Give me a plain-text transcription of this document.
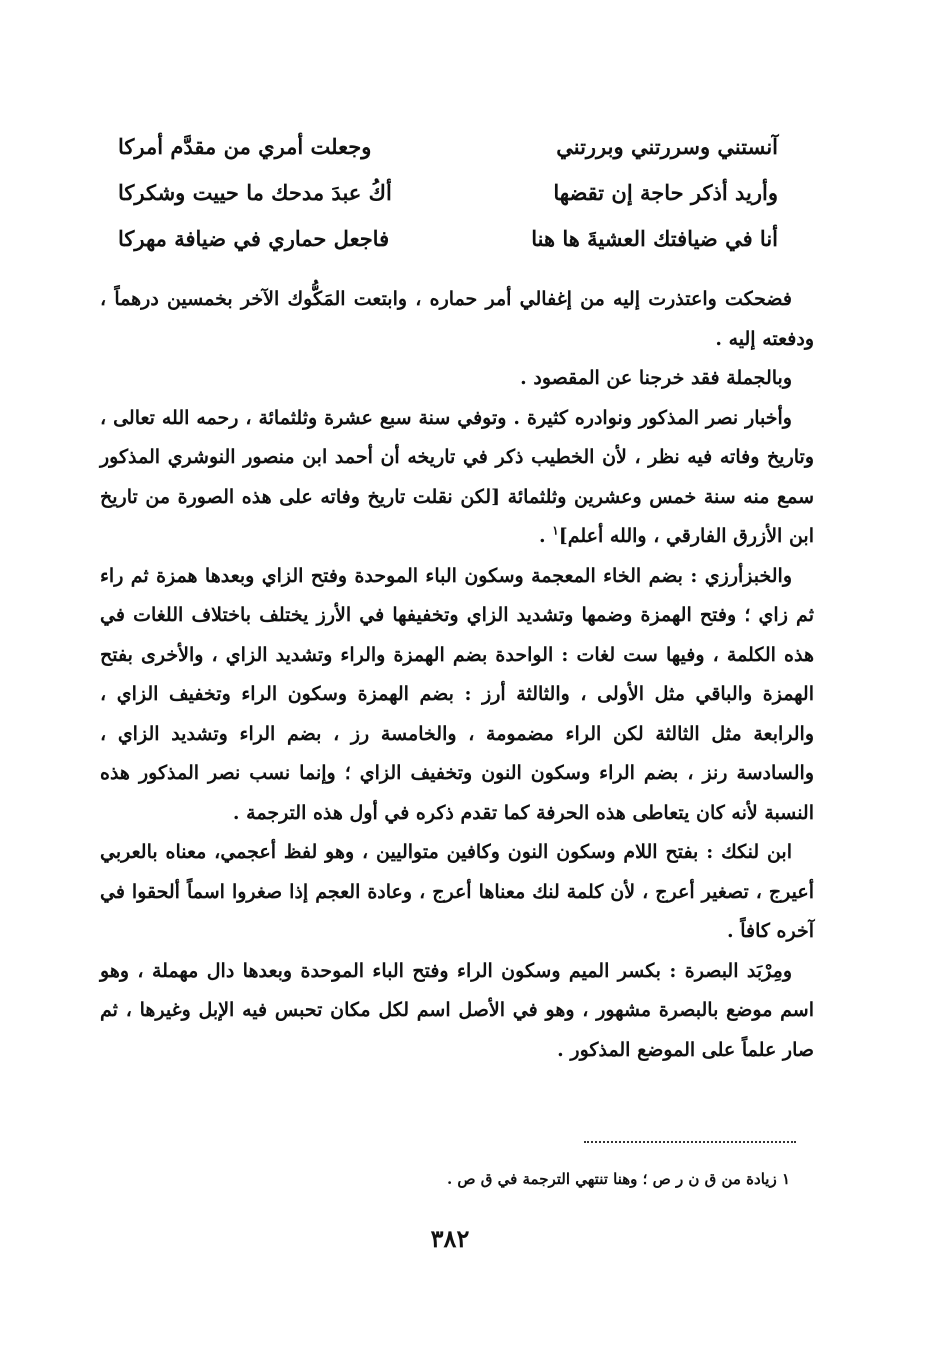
آنستني وسررتني وبررتني
وجعلت أمري من مقدَّم أمركا
وأريد أذكر حاجة إن تقضها
أكُ عبدَ مدحك ما حييت وشكركا
أنا في ضيافتك العشيةَ ها هنا
فاجعل حماري في ضيافة مهركا

فضحكت واعتذرت إليه من إغفالي أمر حماره ، وابتعت المَكُّوك الآخر بخمسين درهماً ، ودفعته إليه .

وبالجملة فقد خرجنا عن المقصود .

وأخبار نصر المذكور ونوادره كثيرة . وتوفي سنة سبع عشرة وثلثمائة ، رحمه الله تعالى ، وتاريخ وفاته فيه نظر ، لأن الخطيب ذكر في تاريخه أن أحمد ابن منصور النوشري المذكور سمع منه سنة خمس وعشرين وثلثمائة [لكن نقلت تاريخ وفاته على هذه الصورة من تاريخ ابن الأزرق الفارقي ، والله أعلم]$^١$ .

والخبزأرزي : بضم الخاء المعجمة وسكون الباء الموحدة وفتح الزاي وبعدها همزة ثم راء ثم زاي ؛ وفتح الهمزة وضمها وتشديد الزاي وتخفيفها في الأرز يختلف باختلاف اللغات في هذه الكلمة ، وفيها ست لغات : الواحدة بضم الهمزة والراء وتشديد الزاي ، والأخرى بفتح الهمزة والباقي مثل الأولى ، والثالثة أرز : بضم الهمزة وسكون الراء وتخفيف الزاي ، والرابعة مثل الثالثة لكن الراء مضمومة ، والخامسة رز ، بضم الراء وتشديد الزاي ، والسادسة رنز ، بضم الراء وسكون النون وتخفيف الزاي ؛ وإنما نسب نصر المذكور هذه النسبة لأنه كان يتعاطى هذه الحرفة كما تقدم ذكره في أول هذه الترجمة .

ابن لنكك : بفتح اللام وسكون النون وكافين متواليين ، وهو لفظ أعجمي، معناه بالعربي أعيرج ، تصغير أعرج ، لأن كلمة لنك معناها أعرج ، وعادة العجم إذا صغروا اسماً ألحقوا في آخره كافاً .

ومِرْبَد البصرة : بكسر الميم وسكون الراء وفتح الباء الموحدة وبعدها دال مهملة ، وهو اسم موضع بالبصرة مشهور ، وهو في الأصل اسم لكل مكان تحبس فيه الإبل وغيرها ، ثم صار علماً على الموضع المذكور .

١ زيادة من ق ن ر ص ؛ وهنا تنتهي الترجمة في ق ص .
٣٨٢
